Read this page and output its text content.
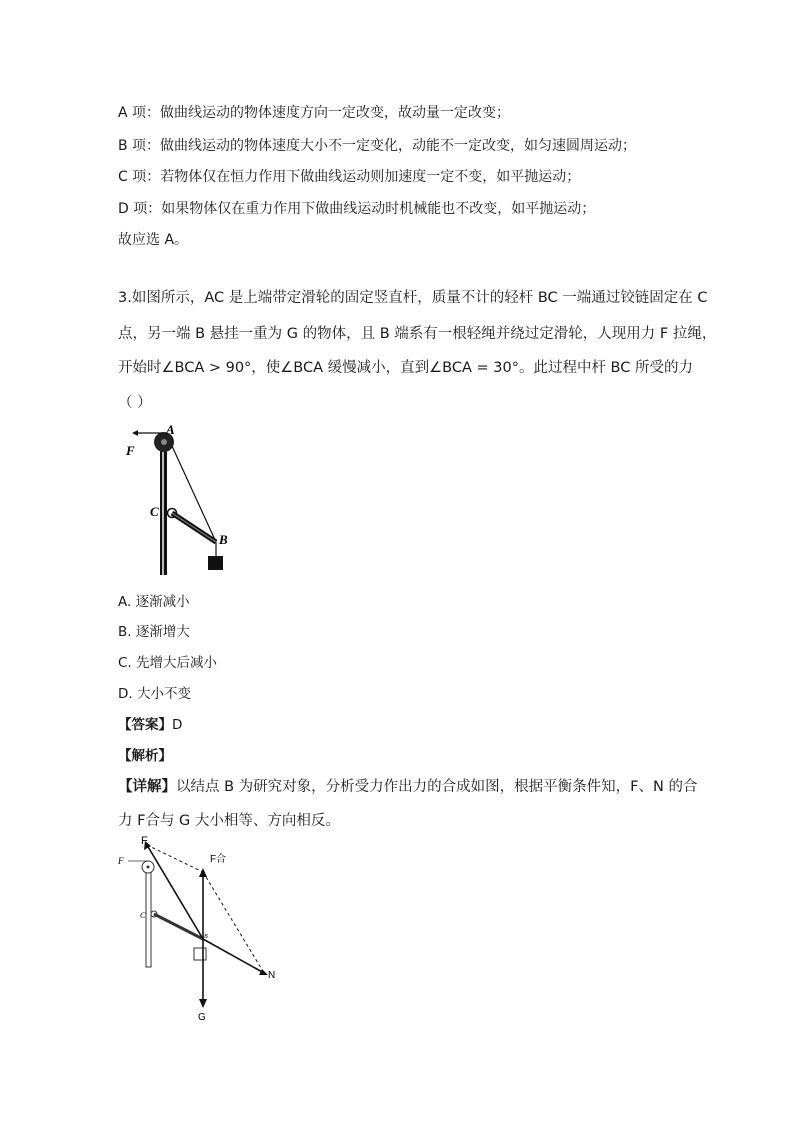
A 项：做曲线运动的物体速度方向一定改变，故动量一定改变；
B 项：做曲线运动的物体速度大小不一定变化，动能不一定改变，如匀速圆周运动；
C 项：若物体仅在恒力作用下做曲线运动则加速度一定不变，如平抛运动；
D 项：如果物体仅在重力作用下做曲线运动时机械能也不改变，如平抛运动；
故应选 A。
3.如图所示，AC 是上端带定滑轮的固定竖直杆，质量不计的轻杆 BC 一端通过铰链固定在 C
点，另一端 B 悬挂一重为 G 的物体，且 B 端系有一根轻绳并绕过定滑轮，人现用力 F 拉绳，
开始时∠BCA > 90°，使∠BCA 缓慢减小，直到∠BCA = 30°。此过程中杆 BC 所受的力
（ ）
F
A
C
B
A. 逐渐减小
B. 逐渐增大
C. 先增大后减小
D. 大小不变
【答案】D
【解析】
【详解】以结点 B 为研究对象，分析受力作出力的合成如图，根据平衡条件知，F、N 的合
力 F合与 G 大小相等、方向相反。
F
F	F合
C
B
N
G
